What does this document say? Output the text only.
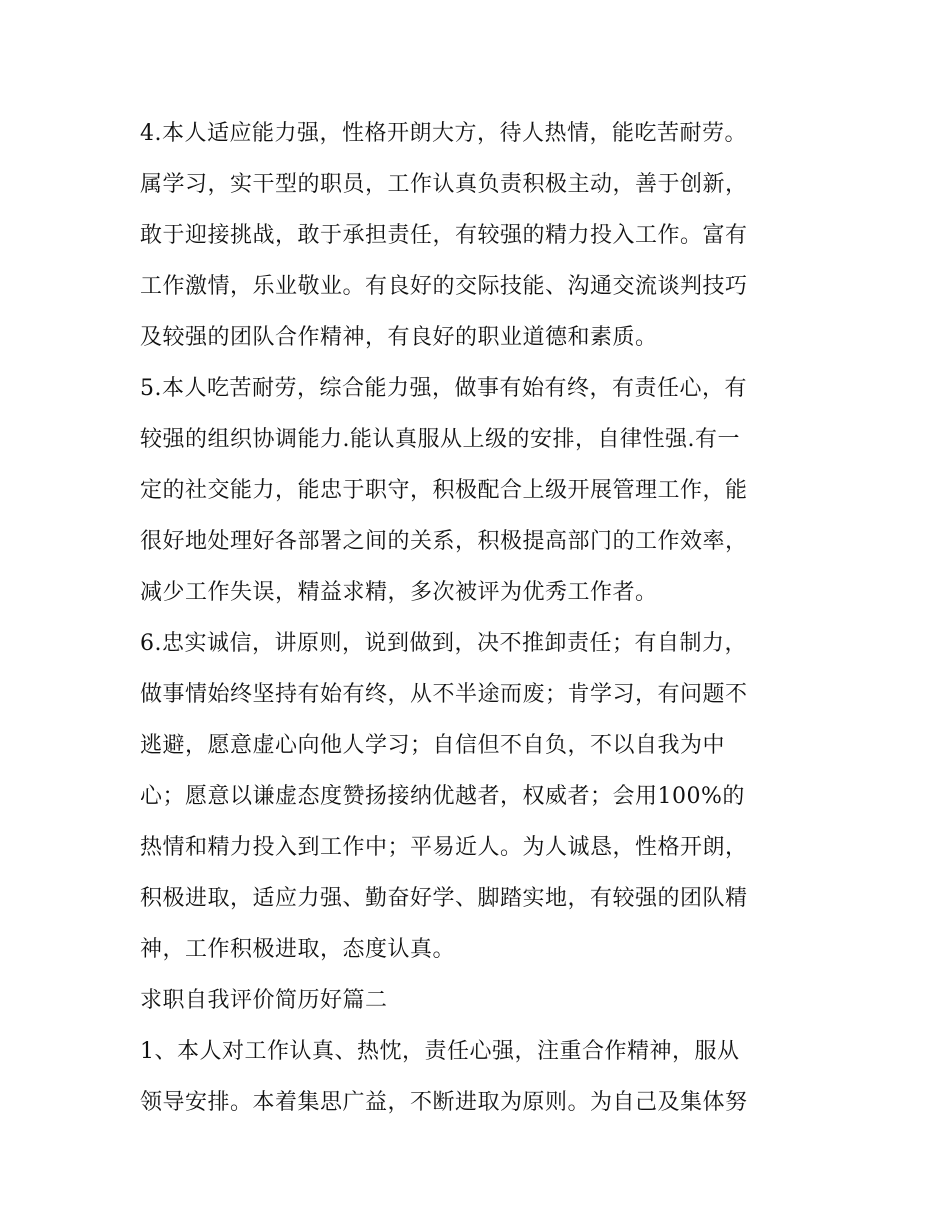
4.本人适应能力强，性格开朗大方，待人热情，能吃苦耐劳。
属学习，实干型的职员，工作认真负责积极主动，善于创新，
敢于迎接挑战，敢于承担责任，有较强的精力投入工作。富有
工作激情，乐业敬业。有良好的交际技能、沟通交流谈判技巧
及较强的团队合作精神，有良好的职业道德和素质。
5.本人吃苦耐劳，综合能力强，做事有始有终，有责任心，有
较强的组织协调能力.能认真服从上级的安排，自律性强.有一
定的社交能力，能忠于职守，积极配合上级开展管理工作，能
很好地处理好各部署之间的关系，积极提高部门的工作效率，
减少工作失误，精益求精，多次被评为优秀工作者。
6.忠实诚信，讲原则，说到做到，决不推卸责任；有自制力，
做事情始终坚持有始有终，从不半途而废；肯学习，有问题不
逃避，愿意虚心向他人学习；自信但不自负，不以自我为中
心；愿意以谦虚态度赞扬接纳优越者，权威者；会用100%的
热情和精力投入到工作中；平易近人。为人诚恳，性格开朗，
积极进取，适应力强、勤奋好学、脚踏实地，有较强的团队精
神，工作积极进取，态度认真。
求职自我评价简历好篇二
1、本人对工作认真、热忱，责任心强，注重合作精神，服从
领导安排。本着集思广益，不断进取为原则。为自己及集体努
